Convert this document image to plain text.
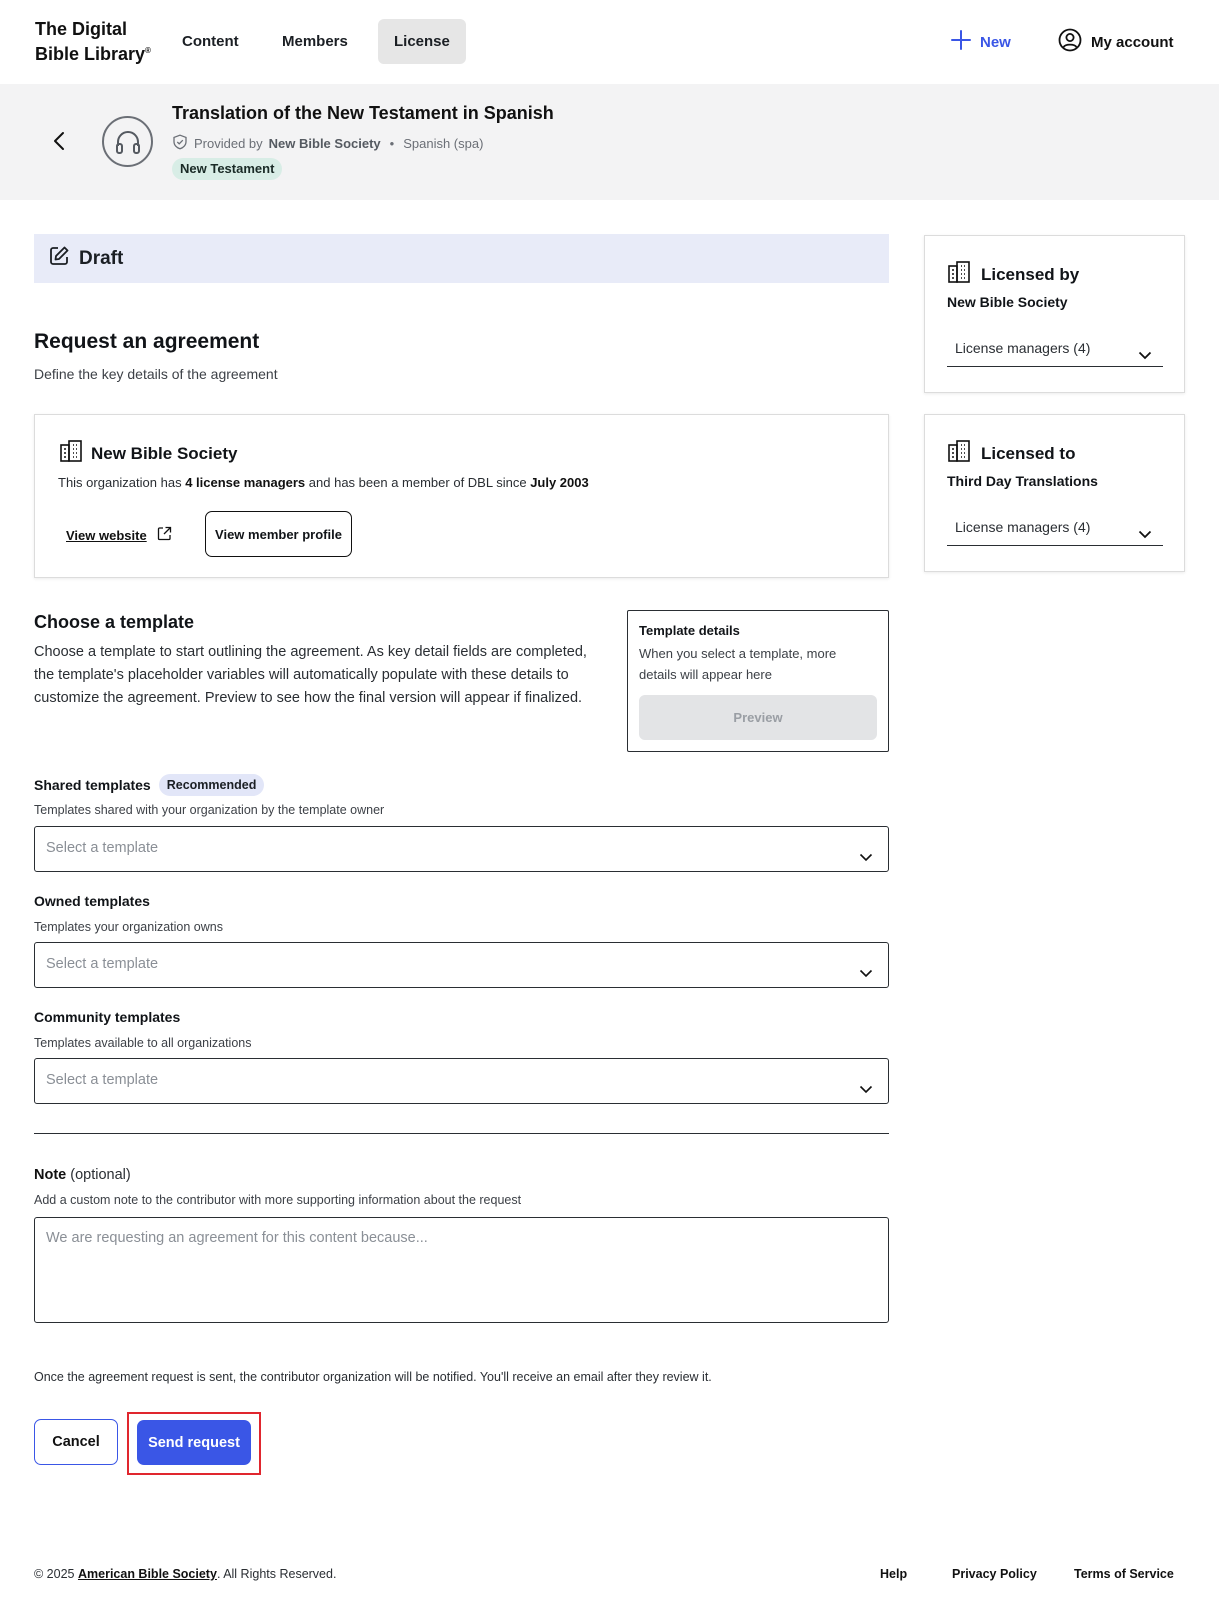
The Digital
Bible Library®
Content	Members	License	New	My account
Translation of the New Testament in Spanish
Provided by New Bible Society • Spanish (spa)
New Testament
Draft
Request an agreement
Define the key details of the agreement
New Bible Society
This organization has 4 license managers and has been a member of DBL since July 2003
View website	View member profile
Licensed by
New Bible Society
License managers (4)
Licensed to
Third Day Translations
License managers (4)
Choose a template
Choose a template to start outlining the agreement. As key detail fields are completed, the template's placeholder variables will automatically populate with these details to customize the agreement. Preview to see how the final version will appear if finalized.
Template details
When you select a template, more details will appear here
Preview
Shared templates	Recommended
Templates shared with your organization by the template owner
Select a template
Owned templates
Templates your organization owns
Select a template
Community templates
Templates available to all organizations
Select a template
Note (optional)
Add a custom note to the contributor with more supporting information about the request
We are requesting an agreement for this content because...
Once the agreement request is sent, the contributor organization will be notified. You'll receive an email after they review it.
Cancel	Send request
© 2025 American Bible Society. All Rights Reserved.	Help	Privacy Policy	Terms of Service
